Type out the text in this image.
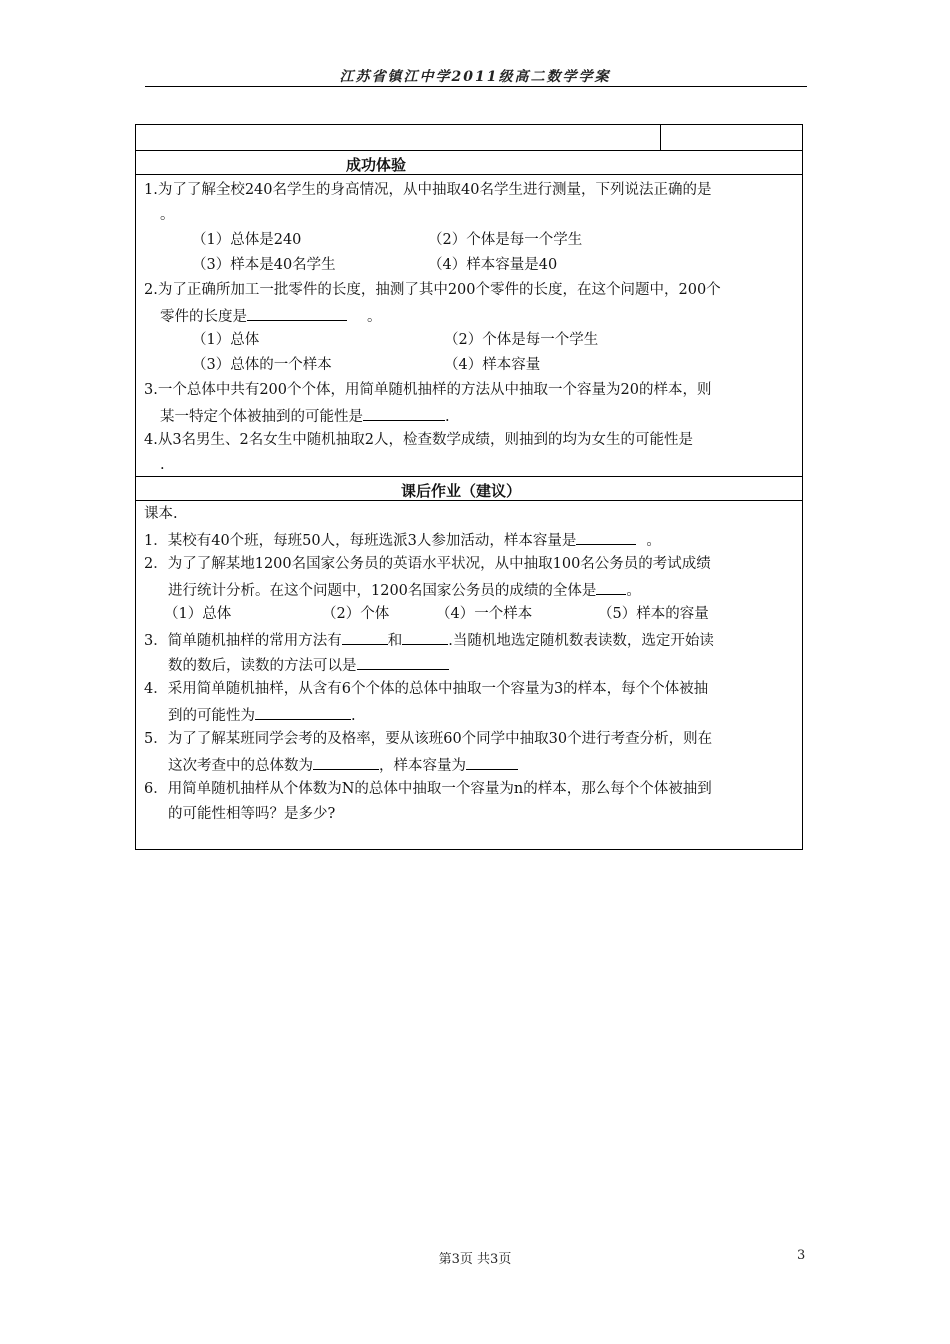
江苏省镇江中学2011级高二数学学案
成功体验
1.为了了解全校240名学生的身高情况，从中抽取40名学生进行测量，下列说法正确的是
。
（1）总体是240	（2）个体是每一个学生
（3）样本是40名学生	（4）样本容量是40
2.为了正确所加工一批零件的长度，抽测了其中200个零件的长度，在这个问题中，200个
零件的长度是	。
（1）总体	（2）个体是每一个学生
（3）总体的一个样本	（4）样本容量
3.一个总体中共有200个个体，用简单随机抽样的方法从中抽取一个容量为20的样本，则
某一特定个体被抽到的可能性是	.
4.从3名男生、2名女生中随机抽取2人，检查数学成绩，则抽到的均为女生的可能性是
.
课后作业（建议）
课本.
1．某校有40个班，每班50人，每班选派3人参加活动，样本容量是	。
2．为了了解某地1200名国家公务员的英语水平状况，从中抽取100名公务员的考试成绩
进行统计分析。在这个问题中，1200名国家公务员的成绩的全体是 。
（1）总体	（2）个体	（4）一个样本	（5）样本的容量
3．简单随机抽样的常用方法有	和	.当随机地选定随机数表读数，选定开始读
数的数后，读数的方法可以是
4．采用简单随机抽样，从含有6个个体的总体中抽取一个容量为3的样本，每个个体被抽
到的可能性为	.
5．为了了解某班同学会考的及格率，要从该班60个同学中抽取30个进行考查分析，则在
这次考查中的总体数为	，样本容量为
6．用简单随机抽样从个体数为N的总体中抽取一个容量为n的样本，那么每个个体被抽到
的可能性相等吗？是多少?
第3页 共3页	3
